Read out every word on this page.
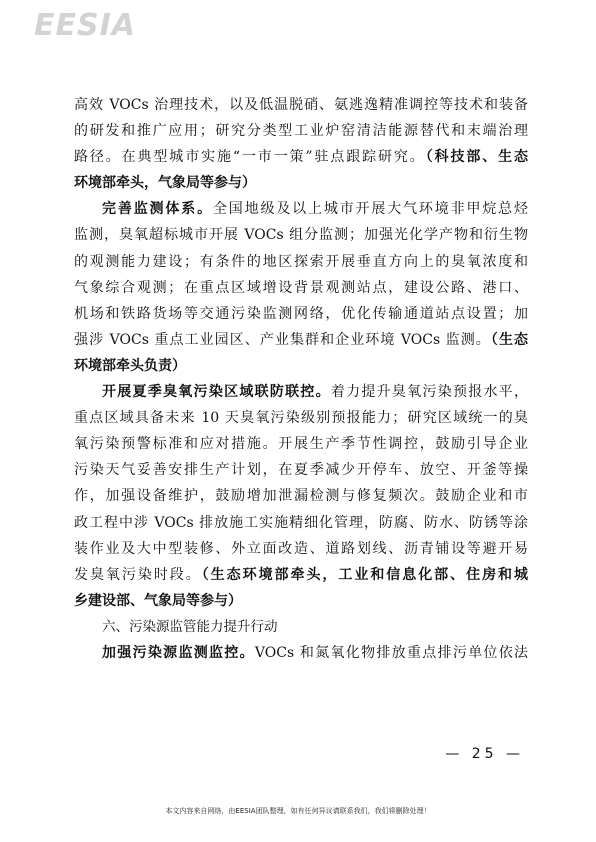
EESIA
高效 VOCs 治理技术，以及低温脱硝、氨逃逸精准调控等技术和装备
的研发和推广应用；研究分类型工业炉窑清洁能源替代和末端治理
路径。在典型城市实施“一市一策”驻点跟踪研究。（科技部、生态
环境部牵头，气象局等参与）
完善监测体系。全国地级及以上城市开展大气环境非甲烷总烃
监测，臭氧超标城市开展 VOCs 组分监测；加强光化学产物和衍生物
的观测能力建设；有条件的地区探索开展垂直方向上的臭氧浓度和
气象综合观测；在重点区域增设背景观测站点，建设公路、港口、
机场和铁路货场等交通污染监测网络，优化传输通道站点设置；加
强涉 VOCs 重点工业园区、产业集群和企业环境 VOCs 监测。（生态
环境部牵头负责）
开展夏季臭氧污染区域联防联控。着力提升臭氧污染预报水平，
重点区域具备未来 10 天臭氧污染级别预报能力；研究区域统一的臭
氧污染预警标准和应对措施。开展生产季节性调控，鼓励引导企业
污染天气妥善安排生产计划，在夏季减少开停车、放空、开釜等操
作，加强设备维护，鼓励增加泄漏检测与修复频次。鼓励企业和市
政工程中涉 VOCs 排放施工实施精细化管理，防腐、防水、防锈等涂
装作业及大中型装修、外立面改造、道路划线、沥青铺设等避开易
发臭氧污染时段。（生态环境部牵头，工业和信息化部、住房和城
乡建设部、气象局等参与）
六、污染源监管能力提升行动
加强污染源监测监控。VOCs 和氮氧化物排放重点排污单位依法
— 25 —
本文内容来自网络，由EESIA团队整理，如有任何异议请联系我们，我们将删除处理！
